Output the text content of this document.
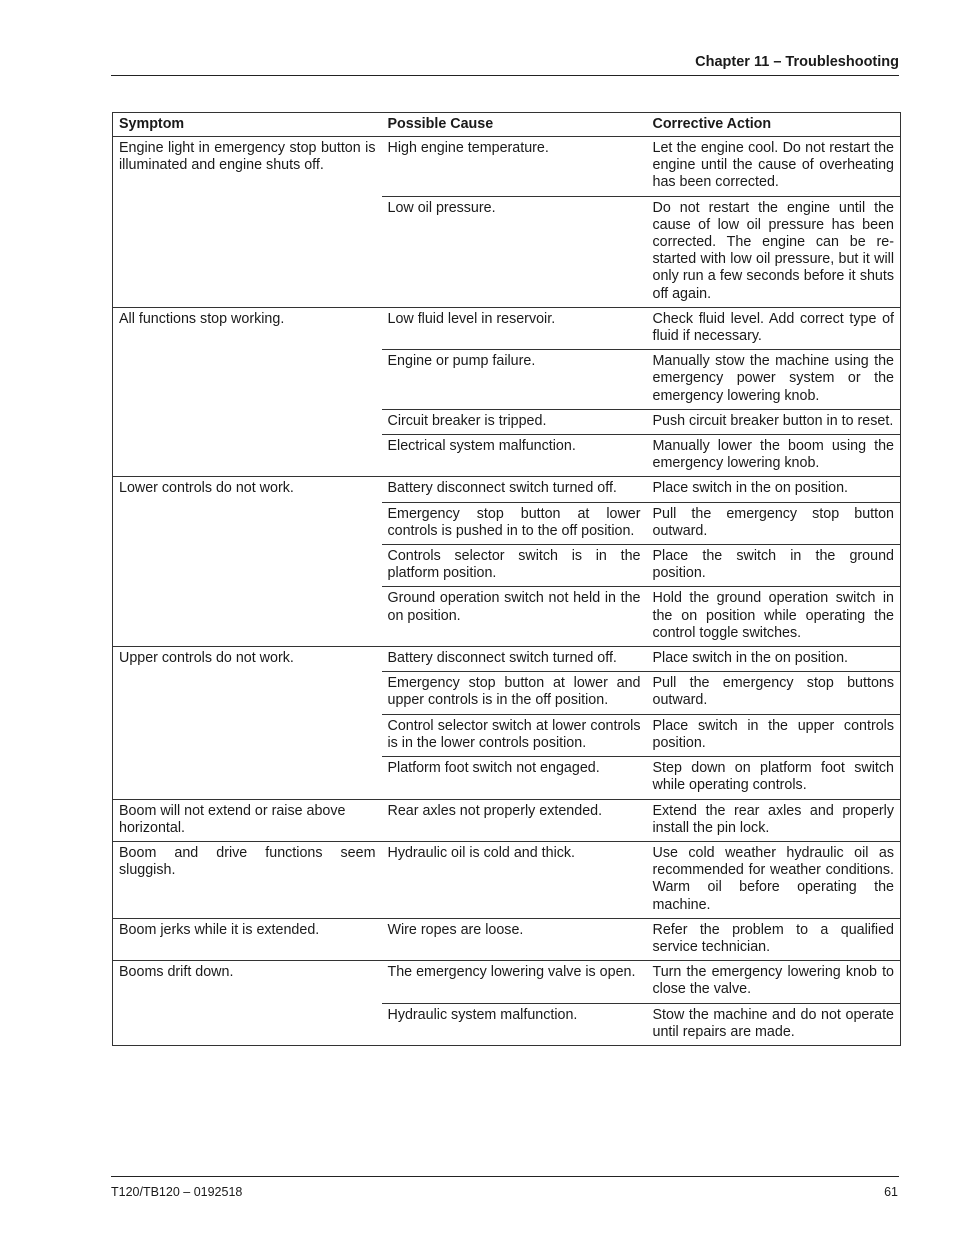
Chapter 11 – Troubleshooting
Symptom	Possible Cause	Corrective Action
Engine light in emergency stop button is illuminated and engine shuts off.	High engine temperature.	Let the engine cool. Do not restart the engine until the cause of overheating has been corrected.
	Low oil pressure.	Do not restart the engine until the cause of low oil pressure has been corrected. The engine can be restarted with low oil pressure, but it will only run a few seconds before it shuts off again.
All functions stop working.	Low fluid level in reservoir.	Check fluid level. Add correct type of fluid if necessary.
	Engine or pump failure.	Manually stow the machine using the emergency power system or the emergency lowering knob.
	Circuit breaker is tripped.	Push circuit breaker button in to reset.
	Electrical system malfunction.	Manually lower the boom using the emergency lowering knob.
Lower controls do not work.	Battery disconnect switch turned off.	Place switch in the on position.
	Emergency stop button at lower controls is pushed in to the off position.	Pull the emergency stop button outward.
	Controls selector switch is in the platform position.	Place the switch in the ground position.
	Ground operation switch not held in the on position.	Hold the ground operation switch in the on position while operating the control toggle switches.
Upper controls do not work.	Battery disconnect switch turned off.	Place switch in the on position.
	Emergency stop button at lower and upper controls is in the off position.	Pull the emergency stop buttons outward.
	Control selector switch at lower controls is in the lower controls position.	Place switch in the upper controls position.
	Platform foot switch not engaged.	Step down on platform foot switch while operating controls.
Boom will not extend or raise above horizontal.	Rear axles not properly extended.	Extend the rear axles and properly install the pin lock.
Boom and drive functions seem sluggish.	Hydraulic oil is cold and thick.	Use cold weather hydraulic oil as recommended for weather conditions. Warm oil before operating the machine.
Boom jerks while it is extended.	Wire ropes are loose.	Refer the problem to a qualified service technician.
Booms drift down.	The emergency lowering valve is open.	Turn the emergency lowering knob to close the valve.
	Hydraulic system malfunction.	Stow the machine and do not operate until repairs are made.
T120/TB120 – 0192518	61
